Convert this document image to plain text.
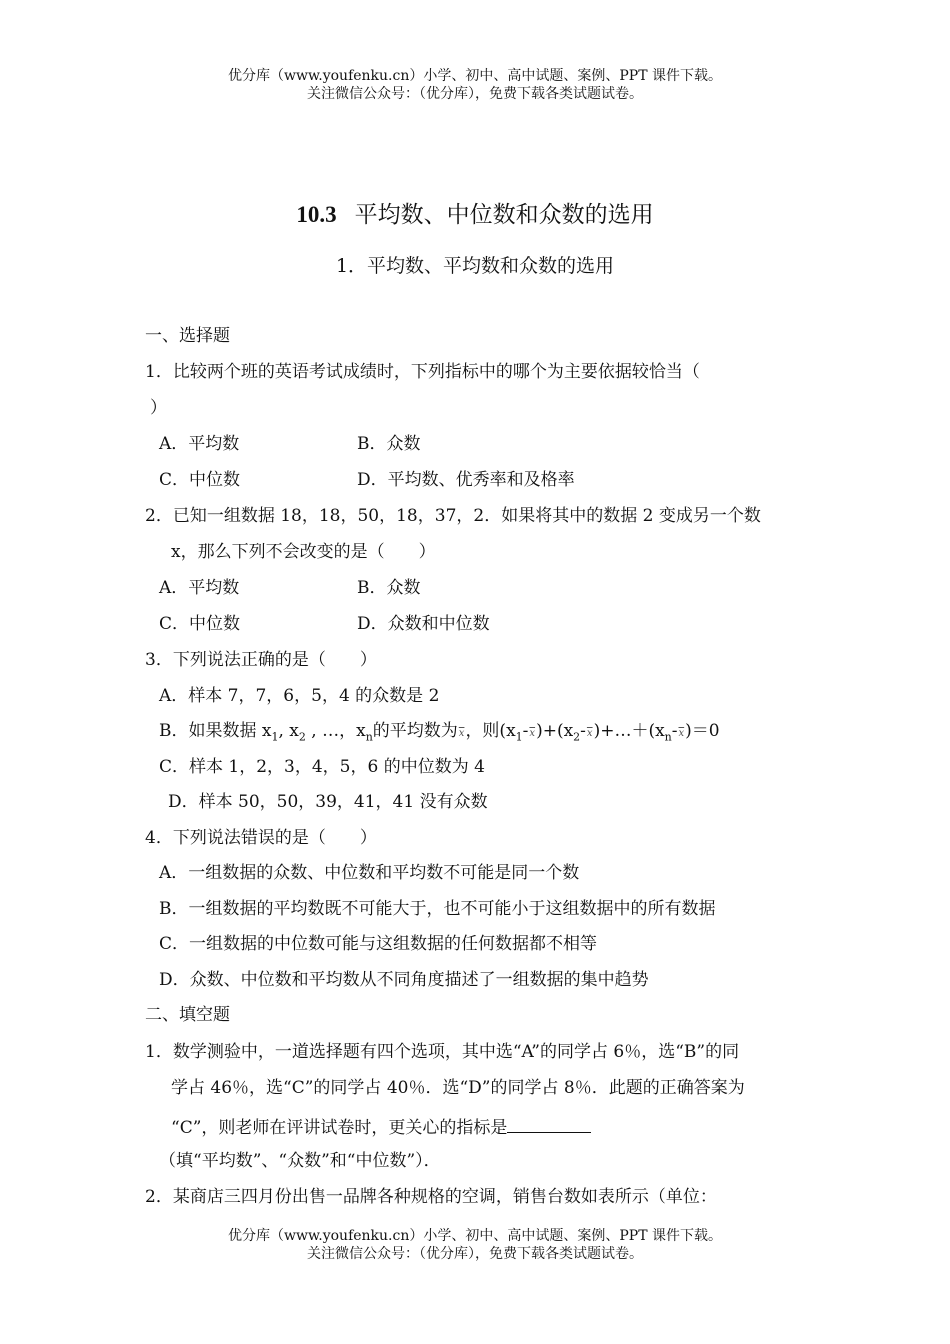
优分库（www.youfenku.cn）小学、初中、高中试题、案例、PPT 课件下载。
关注微信公众号：（优分库），免费下载各类试题试卷。
10.3 平均数、中位数和众数的选用
1．平均数、平均数和众数的选用
一、选择题
1．比较两个班的英语考试成绩时，下列指标中的哪个为主要依据较恰当（
）
A．平均数	B．众数
C．中位数	D．平均数、优秀率和及格率
2．已知一组数据 18，18，50，18，37，2．如果将其中的数据 2 变成另一个数
x，那么下列不会改变的是（　　）
A．平均数	B．众数
C．中位数	D．众数和中位数
3．下列说法正确的是（　　）
A．样本 7，7，6，5，4 的众数是 2
B．如果数据 $x_1$, $x_2$ , …，$x_n$的平均数为$\overline{x}$，则$(x_1-\overline{x})+(x_2-\overline{x})+\dots+(x_n-\overline{x})=0$
C．样本 1，2，3，4，5，6 的中位数为 4
D．样本 50，50，39，41，41 没有众数
4．下列说法错误的是（　　）
A．一组数据的众数、中位数和平均数不可能是同一个数
B．一组数据的平均数既不可能大于，也不可能小于这组数据中的所有数据
C．一组数据的中位数可能与这组数据的任何数据都不相等
D．众数、中位数和平均数从不同角度描述了一组数据的集中趋势
二、填空题
1．数学测验中，一道选择题有四个选项，其中选“A”的同学占 6％，选“B”的同
学占 46％，选“C”的同学占 40％．选“D”的同学占 8％．此题的正确答案为
“C”，则老师在评讲试卷时，更关心的指标是
（填“平均数”、“众数”和“中位数”）．
2．某商店三四月份出售一品牌各种规格的空调，销售台数如表所示（单位：
优分库（www.youfenku.cn）小学、初中、高中试题、案例、PPT 课件下载。
关注微信公众号：（优分库），免费下载各类试题试卷。
